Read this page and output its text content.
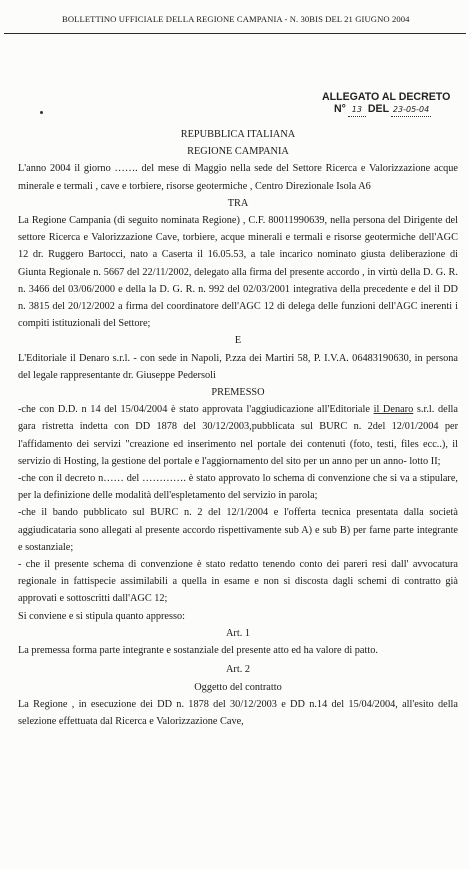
BOLLETTINO UFFICIALE DELLA REGIONE CAMPANIA - N. 30BIS DEL 21 GIUGNO 2004
ALLEGATO AL DECRETO
N° 13 DEL 23-05-04
REPUBBLICA ITALIANA
REGIONE CAMPANIA
L'anno 2004 il giorno ……. del mese di Maggio nella sede del Settore Ricerca e Valorizzazione acque minerale e termali , cave e torbiere, risorse geotermiche , Centro Direzionale Isola A6
TRA
La Regione Campania (di seguito nominata Regione) , C.F. 80011990639, nella persona del Dirigente del settore Ricerca e Valorizzazione Cave, torbiere, acque minerali e termali e risorse geotermiche dell'AGC 12 dr. Ruggero Bartocci, nato a Caserta il 16.05.53, a tale incarico nominato giusta deliberazione di Giunta Regionale n. 5667 del 22/11/2002, delegato alla firma del presente accordo , in virtù della D. G. R. n. 3466 del 03/06/2000 e della la D. G. R. n. 992 del 02/03/2001 integrativa della precedente e del il DD n. 3815 del 20/12/2002 a firma del coordinatore dell'AGC 12 di delega delle funzioni dell'AGC inerenti i compiti istituzionali del Settore;
E
L'Editoriale il Denaro s.r.l. - con sede in Napoli, P.zza dei Martiri 58, P. I.V.A. 06483190630, in persona del legale rappresentante dr. Giuseppe Pedersoli
PREMESSO
-che con D.D. n 14 del 15/04/2004 è stato approvata l'aggiudicazione all'Editoriale il Denaro s.r.l. della gara ristretta indetta con DD 1878 del 30/12/2003,pubblicata sul BURC n. 2del 12/01/2004 per l'affidamento dei servizi "creazione ed inserimento nel portale dei contenuti (foto, testi, files ecc..), il servizio di Hosting, la gestione del portale e l'aggiornamento del sito per un anno per un anno- lotto II;
-che con il decreto n…… del …………. è stato approvato lo schema di convenzione che si va a stipulare, per la definizione delle modalità dell'espletamento del servizio in parola;
-che il bando pubblicato sul BURC n. 2 del 12/1/2004 e l'offerta tecnica presentata dalla società aggiudicataria sono allegati al presente accordo rispettivamente sub A) e sub B) per farne parte integrante e sostanziale;
- che il presente schema di convenzione è stato redatto tenendo conto dei pareri resi dall' avvocatura regionale in fattispecie assimilabili a quella in esame e non si discosta dagli schemi di contratto già approvati e sottoscritti dall'AGC 12;
Si conviene e si stipula quanto appresso:
Art. 1
La premessa forma parte integrante e sostanziale del presente atto ed ha valore di patto.
Art. 2
Oggetto del contratto
La Regione , in esecuzione dei DD n. 1878 del 30/12/2003 e DD n.14 del 15/04/2004, all'esito della selezione effettuata dal Ricerca e Valorizzazione Cave,
